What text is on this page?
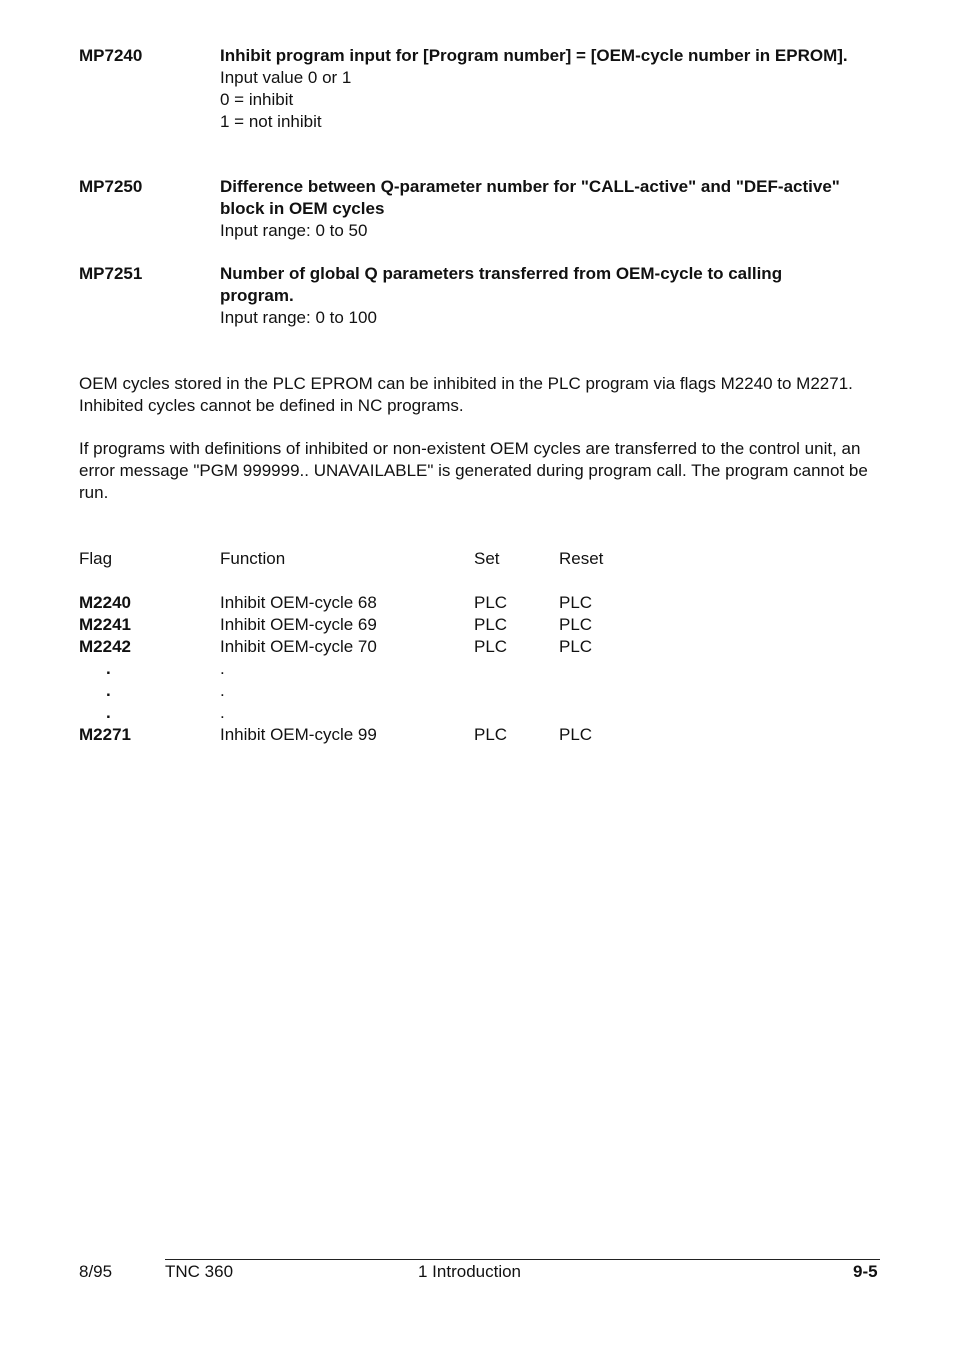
MP7240	Inhibit program input for [Program number] = [OEM-cycle number in EPROM].
Input value 0 or 1
0 = inhibit
1 = not inhibit
MP7250	Difference between Q-parameter number for "CALL-active" and "DEF-active" block in OEM cycles
Input range: 0 to 50
MP7251	Number of global Q parameters transferred from OEM-cycle to calling program.
Input range: 0 to 100
OEM cycles stored in the PLC EPROM can be inhibited in the PLC program via flags M2240 to M2271. Inhibited cycles cannot be defined in NC programs.
If programs with definitions of inhibited or non-existent OEM cycles are transferred to the control unit, an error message "PGM 999999.. UNAVAILABLE" is generated during program call. The program cannot be run.
Flag	Function	Set	Reset
M2240	Inhibit OEM-cycle 68	PLC	PLC
M2241	Inhibit OEM-cycle 69	PLC	PLC
M2242	Inhibit OEM-cycle 70	PLC	PLC
.	.
.	.
.	.
M2271	Inhibit OEM-cycle 99	PLC	PLC
8/95	TNC 360	1 Introduction	9-5
